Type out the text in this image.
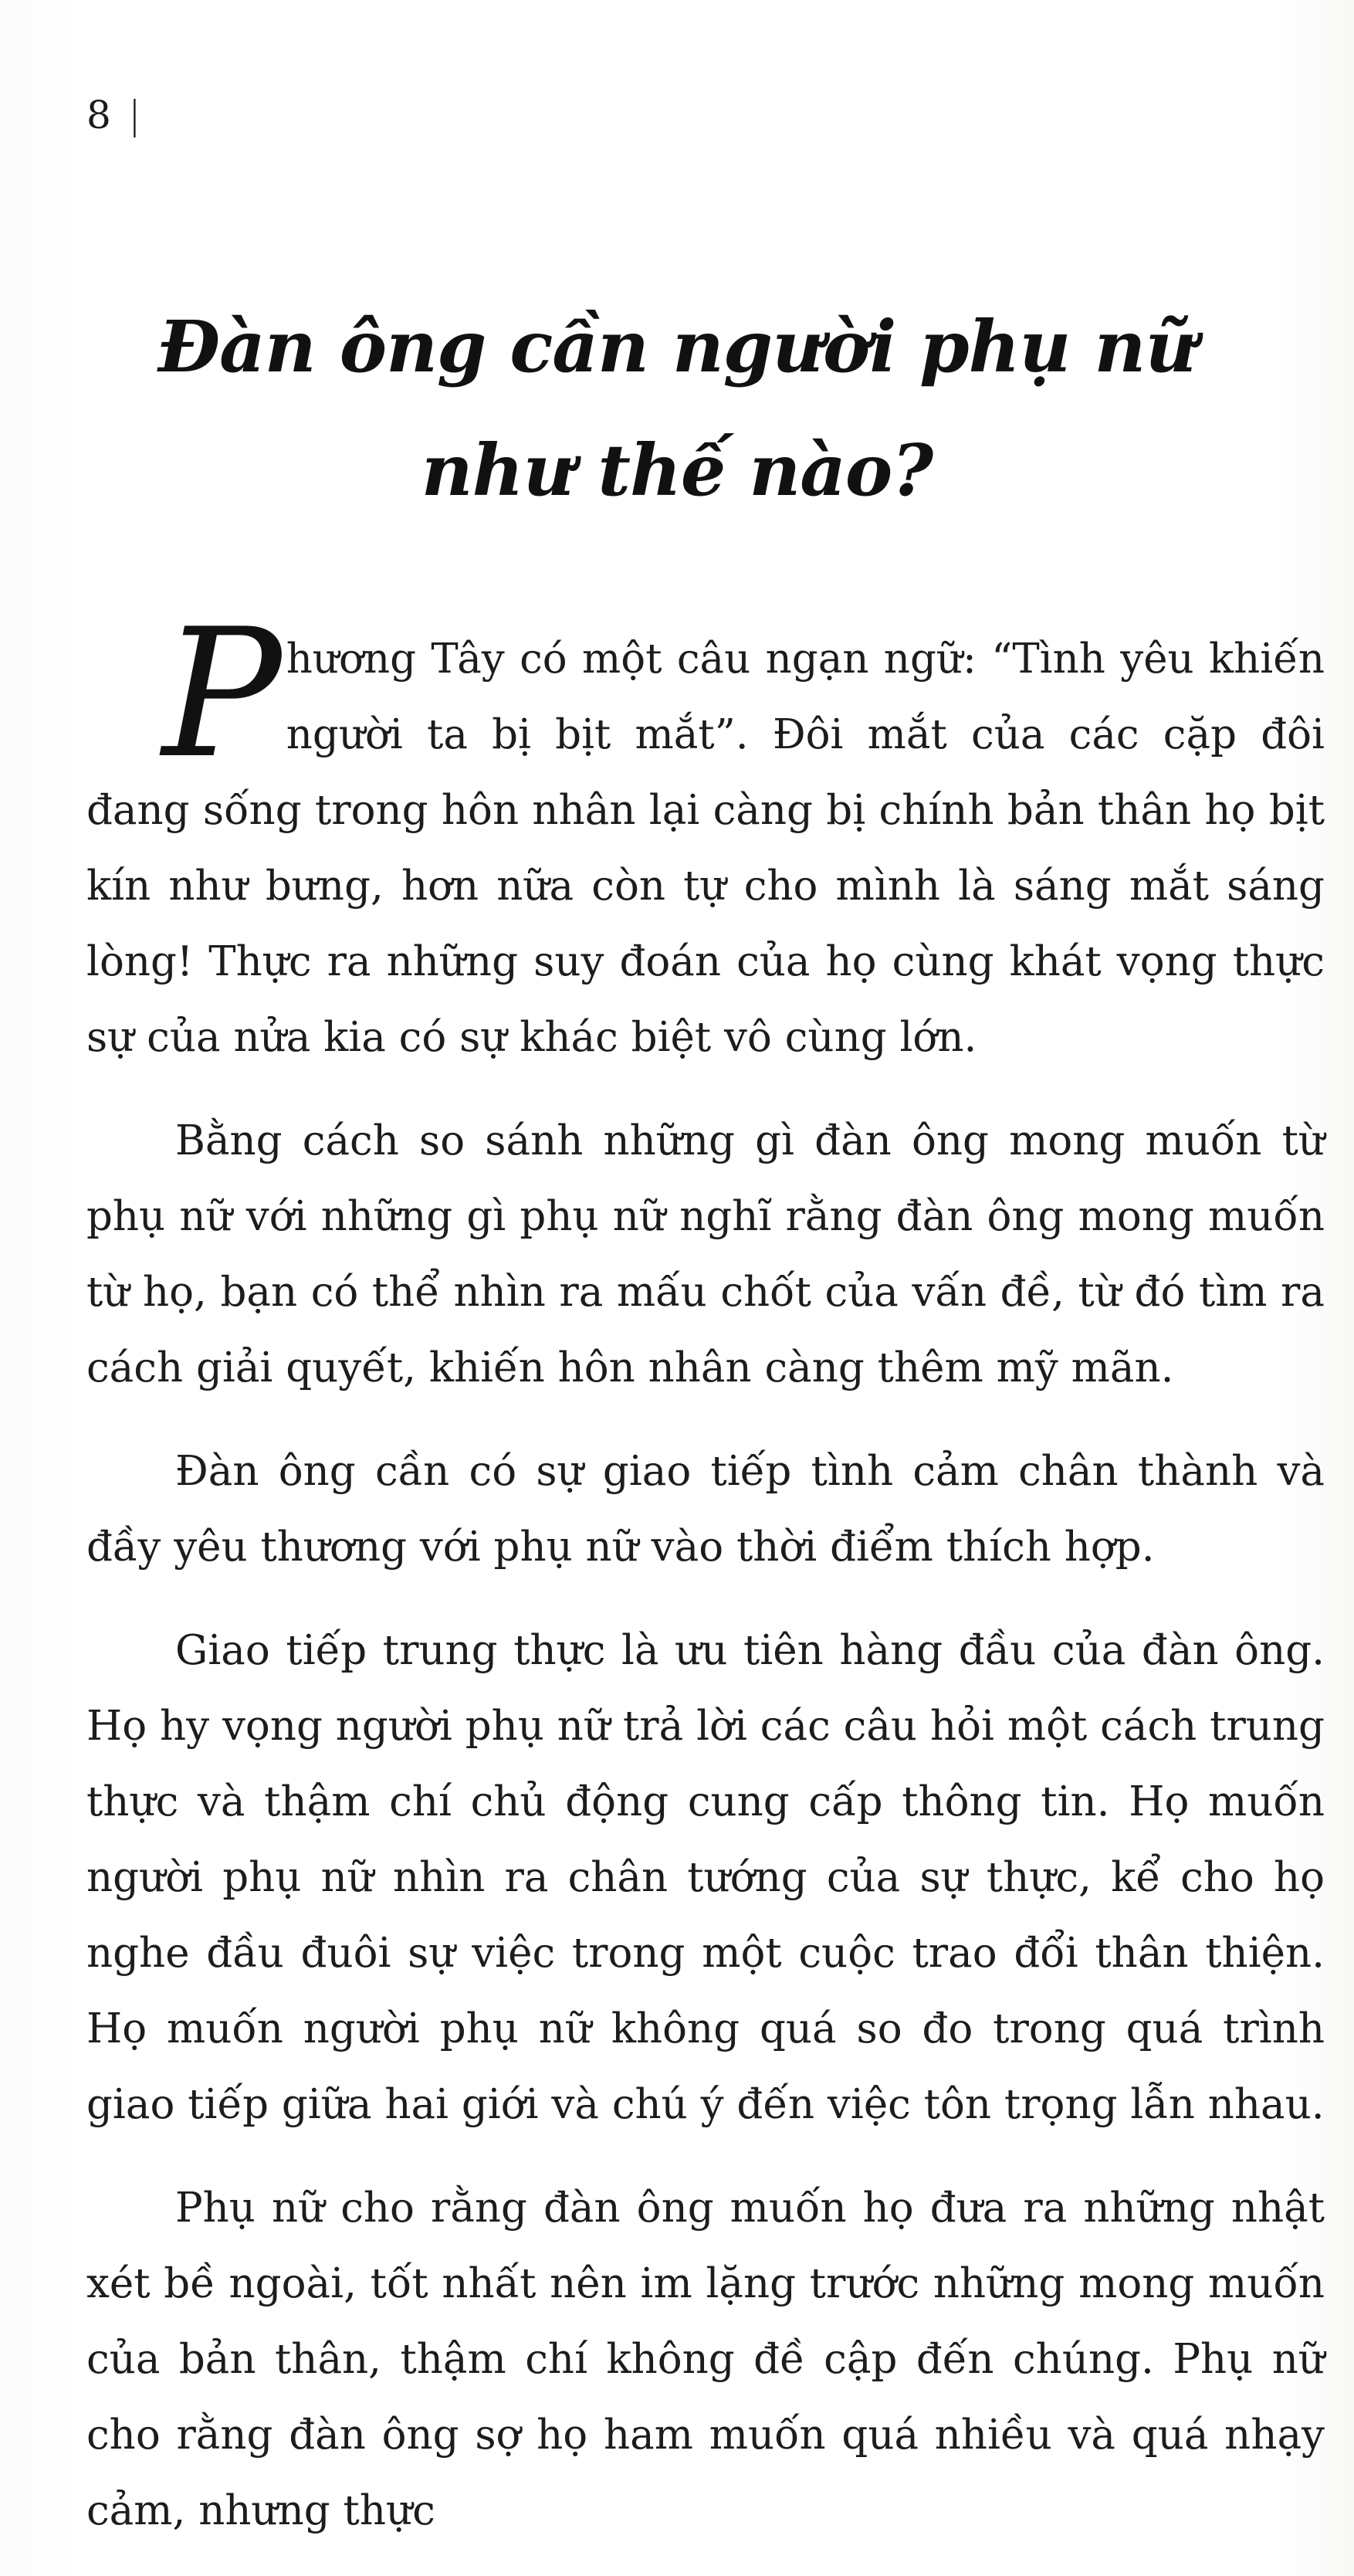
8 |
Đàn ông cần người phụ nữ
như thế nào?

Phương Tây có một câu ngạn ngữ: “Tình yêu khiến người ta bị bịt mắt”. Đôi mắt của các cặp đôi đang sống trong hôn nhân lại càng bị chính bản thân họ bịt kín như bưng, hơn nữa còn tự cho mình là sáng mắt sáng lòng! Thực ra những suy đoán của họ cùng khát vọng thực sự của nửa kia có sự khác biệt vô cùng lớn.

Bằng cách so sánh những gì đàn ông mong muốn từ phụ nữ với những gì phụ nữ nghĩ rằng đàn ông mong muốn từ họ, bạn có thể nhìn ra mấu chốt của vấn đề, từ đó tìm ra cách giải quyết, khiến hôn nhân càng thêm mỹ mãn.

Đàn ông cần có sự giao tiếp tình cảm chân thành và đầy yêu thương với phụ nữ vào thời điểm thích hợp.

Giao tiếp trung thực là ưu tiên hàng đầu của đàn ông. Họ hy vọng người phụ nữ trả lời các câu hỏi một cách trung thực và thậm chí chủ động cung cấp thông tin. Họ muốn người phụ nữ nhìn ra chân tướng của sự thực, kể cho họ nghe đầu đuôi sự việc trong một cuộc trao đổi thân thiện. Họ muốn người phụ nữ không quá so đo trong quá trình giao tiếp giữa hai giới và chú ý đến việc tôn trọng lẫn nhau.

Phụ nữ cho rằng đàn ông muốn họ đưa ra những nhật xét bề ngoài, tốt nhất nên im lặng trước những mong muốn của bản thân, thậm chí không đề cập đến chúng. Phụ nữ cho rằng đàn ông sợ họ ham muốn quá nhiều và quá nhạy cảm, nhưng thực
